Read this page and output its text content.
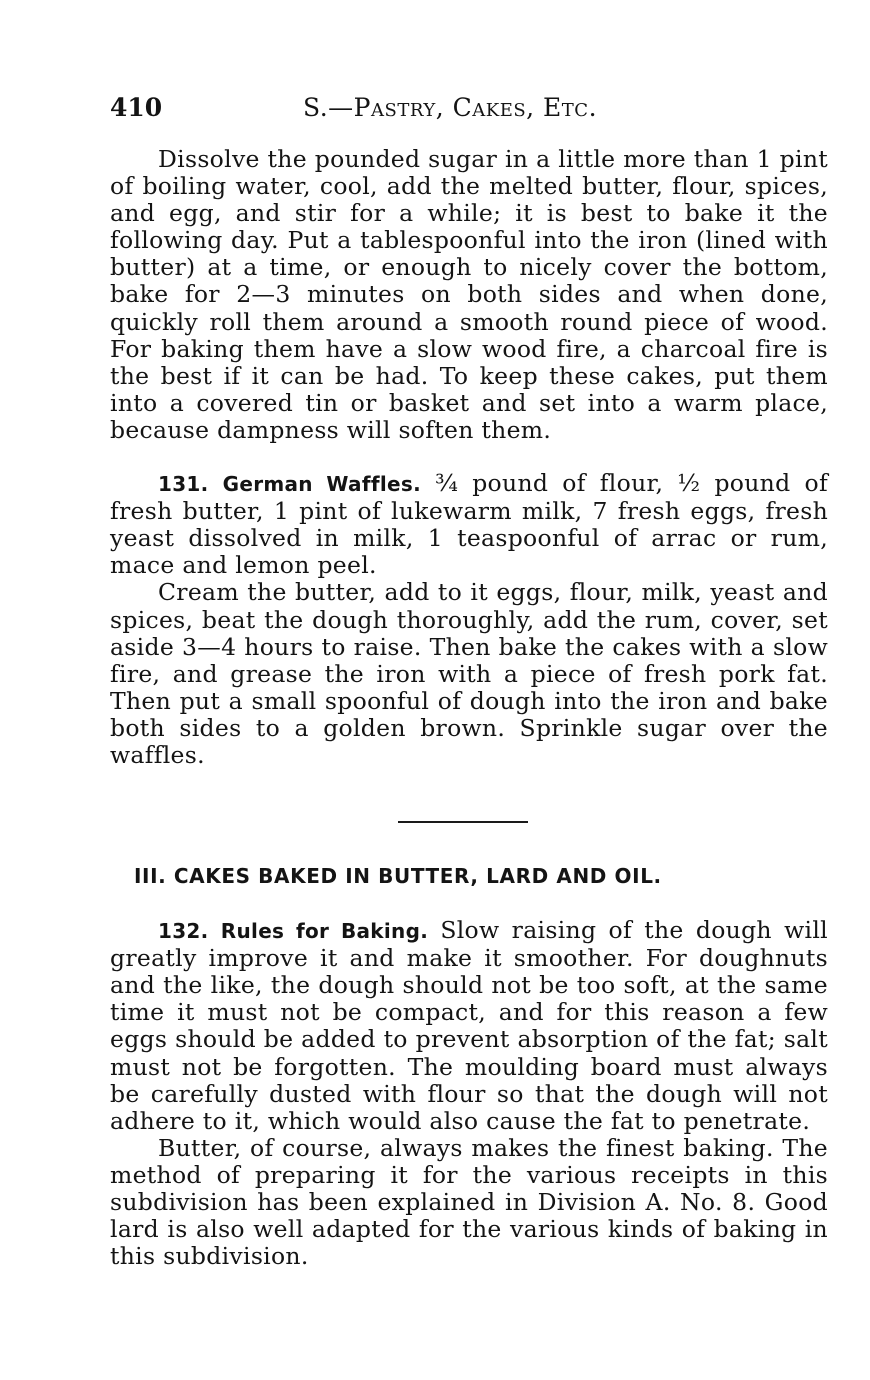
410	S.—Pastry, Cakes, Etc.

Dissolve the pounded sugar in a little more than 1 pint of boiling water, cool, add the melted butter, flour, spices, and egg, and stir for a while; it is best to bake it the following day. Put a tablespoonful into the iron (lined with butter) at a time, or enough to nicely cover the bottom, bake for 2—3 minutes on both sides and when done, quickly roll them around a smooth round piece of wood. For baking them have a slow wood fire, a charcoal fire is the best if it can be had. To keep these cakes, put them into a covered tin or basket and set into a warm place, because dampness will soften them.

131. German Waffles. ¾ pound of flour, ½ pound of fresh butter, 1 pint of lukewarm milk, 7 fresh eggs, fresh yeast dissolved in milk, 1 teaspoonful of arrac or rum, mace and lemon peel.

Cream the butter, add to it eggs, flour, milk, yeast and spices, beat the dough thoroughly, add the rum, cover, set aside 3—4 hours to raise. Then bake the cakes with a slow fire, and grease the iron with a piece of fresh pork fat. Then put a small spoonful of dough into the iron and bake both sides to a golden brown. Sprinkle sugar over the waffles.

III. CAKES BAKED IN BUTTER, LARD AND OIL.

132. Rules for Baking. Slow raising of the dough will greatly improve it and make it smoother. For doughnuts and the like, the dough should not be too soft, at the same time it must not be compact, and for this reason a few eggs should be added to prevent absorption of the fat; salt must not be forgotten. The moulding board must always be carefully dusted with flour so that the dough will not adhere to it, which would also cause the fat to penetrate.

Butter, of course, always makes the finest baking. The method of preparing it for the various receipts in this subdivision has been explained in Division A. No. 8. Good lard is also well adapted for the various kinds of baking in this subdivision.
